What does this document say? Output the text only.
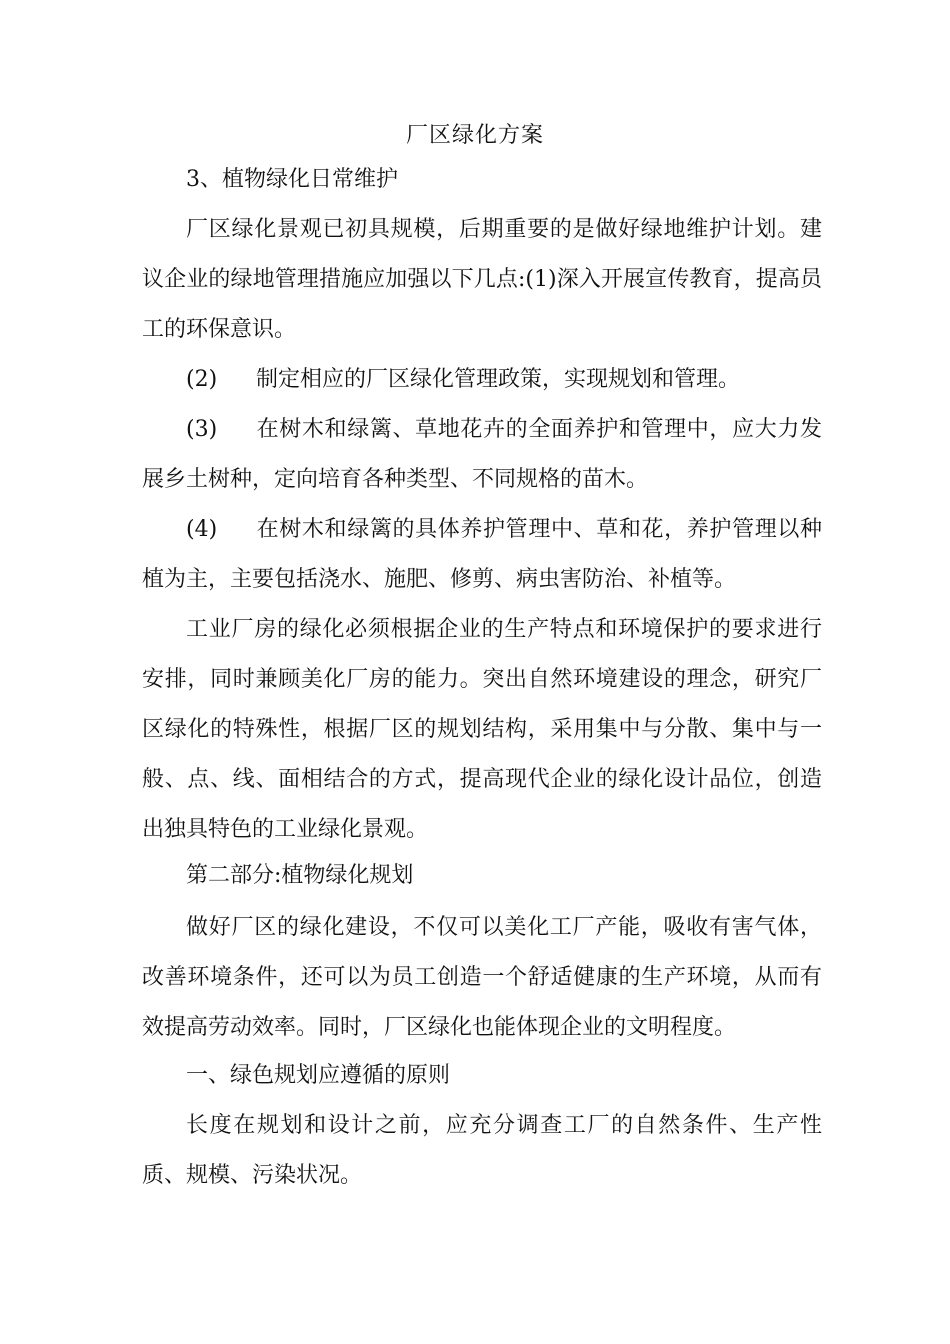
厂区绿化方案

3、植物绿化日常维护

厂区绿化景观已初具规模，后期重要的是做好绿地维护计划。建议企业的绿地管理措施应加强以下几点:(1)深入开展宣传教育，提高员工的环保意识。

(2) 制定相应的厂区绿化管理政策，实现规划和管理。

(3) 在树木和绿篱、草地花卉的全面养护和管理中，应大力发展乡土树种，定向培育各种类型、不同规格的苗木。

(4) 在树木和绿篱的具体养护管理中、草和花，养护管理以种植为主，主要包括浇水、施肥、修剪、病虫害防治、补植等。

工业厂房的绿化必须根据企业的生产特点和环境保护的要求进行安排，同时兼顾美化厂房的能力。突出自然环境建设的理念，研究厂区绿化的特殊性，根据厂区的规划结构，采用集中与分散、集中与一般、点、线、面相结合的方式，提高现代企业的绿化设计品位，创造出独具特色的工业绿化景观。

第二部分:植物绿化规划

做好厂区的绿化建设，不仅可以美化工厂产能，吸收有害气体，改善环境条件，还可以为员工创造一个舒适健康的生产环境，从而有效提高劳动效率。同时，厂区绿化也能体现企业的文明程度。

一、绿色规划应遵循的原则

长度在规划和设计之前，应充分调查工厂的自然条件、生产性质、规模、污染状况。
